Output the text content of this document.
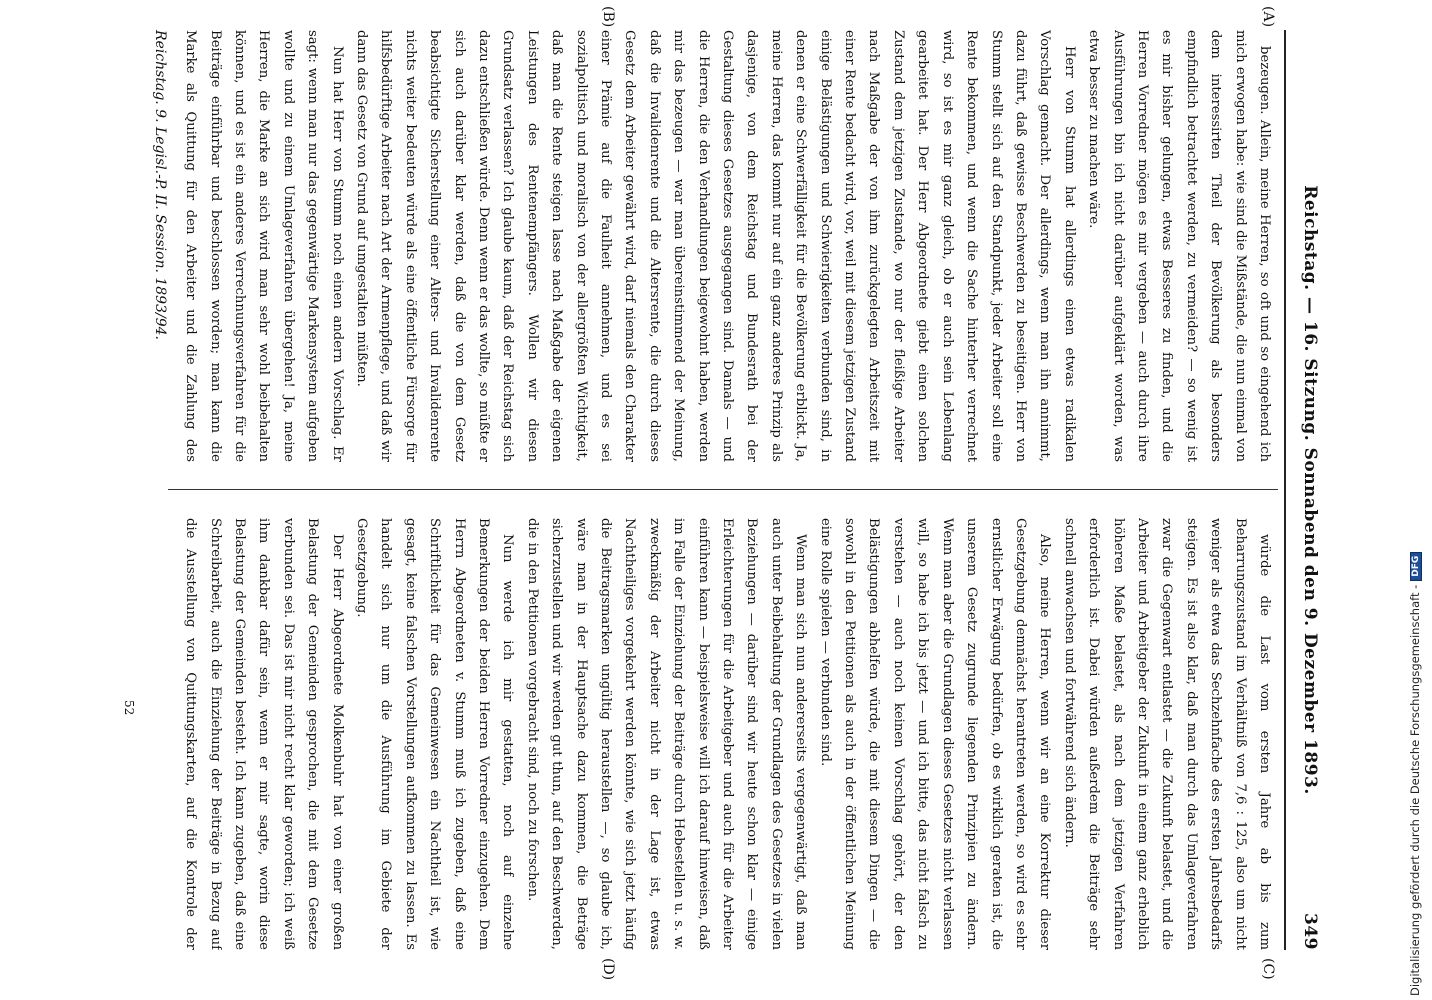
Reichstag. — 16. Sitzung. Sonnabend den 9. Dezember 1893.
349
(A)
(B)
(C)
(D)

bezeugen. Allein, meine Herren, so oft und so eingehend ich mich erwogen habe: wie sind die Mißstände, die nun einmal von dem interessirten Theil der Bevölkerung als besonders empfindlich betrachtet werden, zu vermeiden? — so wenig ist es mir bisher gelungen, etwas Besseres zu finden, und die Herren Vorredner mögen es mir vergeben — auch durch ihre Ausführungen bin ich nicht darüber aufgeklärt worden, was etwa besser zu machen wäre.

Herr von Stumm hat allerdings einen etwas radikalen Vorschlag gemacht. Der allerdings, wenn man ihn annimmt, dazu führt, daß gewisse Beschwerden zu beseitigen. Herr von Stumm stellt sich auf den Standpunkt, jeder Arbeiter soll eine Rente bekommen, und wenn die Sache hinterher verrechnet wird, so ist es mir ganz gleich, ob er auch sein Lebenlang gearbeitet hat. Der Herr Abgeordnete giebt einen solchen Zustand dem jetzigen Zustande, wo nur der fleißige Arbeiter nach Maßgabe der von ihm zurückgelegten Arbeitszeit mit einer Rente bedacht wird, vor, weil mit diesem jetzigen Zustand einige Belästigungen und Schwierigkeiten verbunden sind, in denen er eine Schwerfälligkeit für die Bevölkerung erblickt. Ja, meine Herren, das kommt nur auf ein ganz anderes Prinzip als dasjenige, von dem Reichstag und Bundesrath bei der Gestaltung dieses Gesetzes ausgegangen sind. Damals — und die Herren, die den Verhandlungen beigewohnt haben, werden mir das bezeugen — war man übereinstimmend der Meinung, daß die Invalidenrente und die Altersrente, die durch dieses Gesetz dem Arbeiter gewährt wird, darf niemals den Charakter einer Prämie auf die Faulheit annehmen, und es sei sozialpolitisch und moralisch von der allergrößten Wichtigkeit, daß man die Rente steigen lasse nach Maßgabe der eigenen Leistungen des Rentenempfängers. Wollen wir diesen Grundsatz verlassen? Ich glaube kaum, daß der Reichstag sich dazu entschließen würde. Denn wenn er das wollte, so müßte er sich auch darüber klar werden, daß die von dem Gesetz beabsichtigte Sicherstellung einer Alters- und Invalidenrente nichts weiter bedeuten würde als eine öffentliche Fürsorge für hilfsbedürftige Arbeiter nach Art der Armenpflege, und daß wir dann das Gesetz von Grund auf umgestalten müßten.

Nun hat Herr von Stumm noch einen andern Vorschlag. Er sagt: wenn man nur das gegenwärtige Markensystem aufgeben wollte und zu einem Umlageverfahren übergehen! Ja, meine Herren, die Marke an sich wird man sehr wohl beibehalten können, und es ist ein anderes Verrechnungsverfahren für die Beiträge einführbar und beschlossen worden; man kann die Marke als Quittung für den Arbeiter und die Zahlung des

würde die Last vom ersten Jahre ab bis zum Beharrungszustand im Verhältniß von 7,6 : 125, also um nicht weniger als etwa das Sechzehnfache des ersten Jahresbedarfs steigen. Es ist also klar, daß man durch das Umlageverfahren zwar die Gegenwart entlastet — die Zukunft belastet, und die Arbeiter und Arbeitgeber der Zukunft in einem ganz erheblich höheren Maße belastet, als nach dem jetzigen Verfahren erforderlich ist. Dabei würden außerdem die Beiträge sehr schnell anwachsen und fortwährend sich ändern.

Also, meine Herren, wenn wir an eine Korrektur dieser Gesetzgebung demnächst herantreten werden, so wird es sehr ernstlicher Erwägung bedürfen, ob es wirklich geraten ist, die unserem Gesetz zugrunde liegenden Prinzipien zu ändern. Wenn man aber die Grundlagen dieses Gesetzes nicht verlassen will, so habe ich bis jetzt — und ich bitte, das nicht falsch zu verstehen — auch noch keinen Vorschlag gehört, der den Belästigungen abhelfen würde, die mit diesem Dingen — die sowohl in den Petitionen als auch in der öffentlichen Meinung eine Rolle spielen — verbunden sind.

Wenn man sich nun andererseits vergegenwärtigt, daß man auch unter Beibehaltung der Grundlagen des Gesetzes in vielen Beziehungen — darüber sind wir heute schon klar — einige Erleichterungen für die Arbeitgeber und auch für die Arbeiter einführen kann — beispielsweise will ich darauf hinweisen, daß im Falle der Einziehung der Beiträge durch Hebestellen u. s. w. zweckmäßig der Arbeiter nicht in der Lage ist, etwas Nachtheiliges vorgekehrt werden könnte, wie sich jetzt häufig die Beitragsmarken ungültig heraustellen —, so glaube ich, wäre man in der Hauptsache dazu kommen, die Beträge sicherzustellen und wir werden gut thun, auf den Beschwerden, die in den Petitionen vorgebracht sind, noch zu forschen.

Nun werde ich mir gestatten, noch auf einzelne Bemerkungen der beiden Herren Vorredner einzugehen. Dem Herrn Abgeordneten v. Stumm muß ich zugeben, daß eine Schriftlichkeit für das Gemeinwesen ein Nachtheil ist, wie gesagt, keine falschen Vorstellungen aufkommen zu lassen. Es handelt sich nur um die Ausführung im Gebiete der Gesetzgebung.

Der Herr Abgeordnete Molkenbuhr hat von einer großen Belastung der Gemeinden gesprochen, die mit dem Gesetze verbunden sei. Das ist mir nicht recht klar geworden; ich weiß ihm dankbar dafür sein, wenn er mir sagte, worin diese Belastung der Gemeinden besteht. Ich kann zugeben, daß eine Schreibarbeit, auch die Einziehung der Beiträge in Bezug auf die Ausstellung von Quittungskarten, auf die Kontrole der

Reichstag. 9. Legisl.-P. II. Session. 1893/94.
52	Digitalisierung gefördert durch die Deutsche Forschungsgemeinschaft -DFG
